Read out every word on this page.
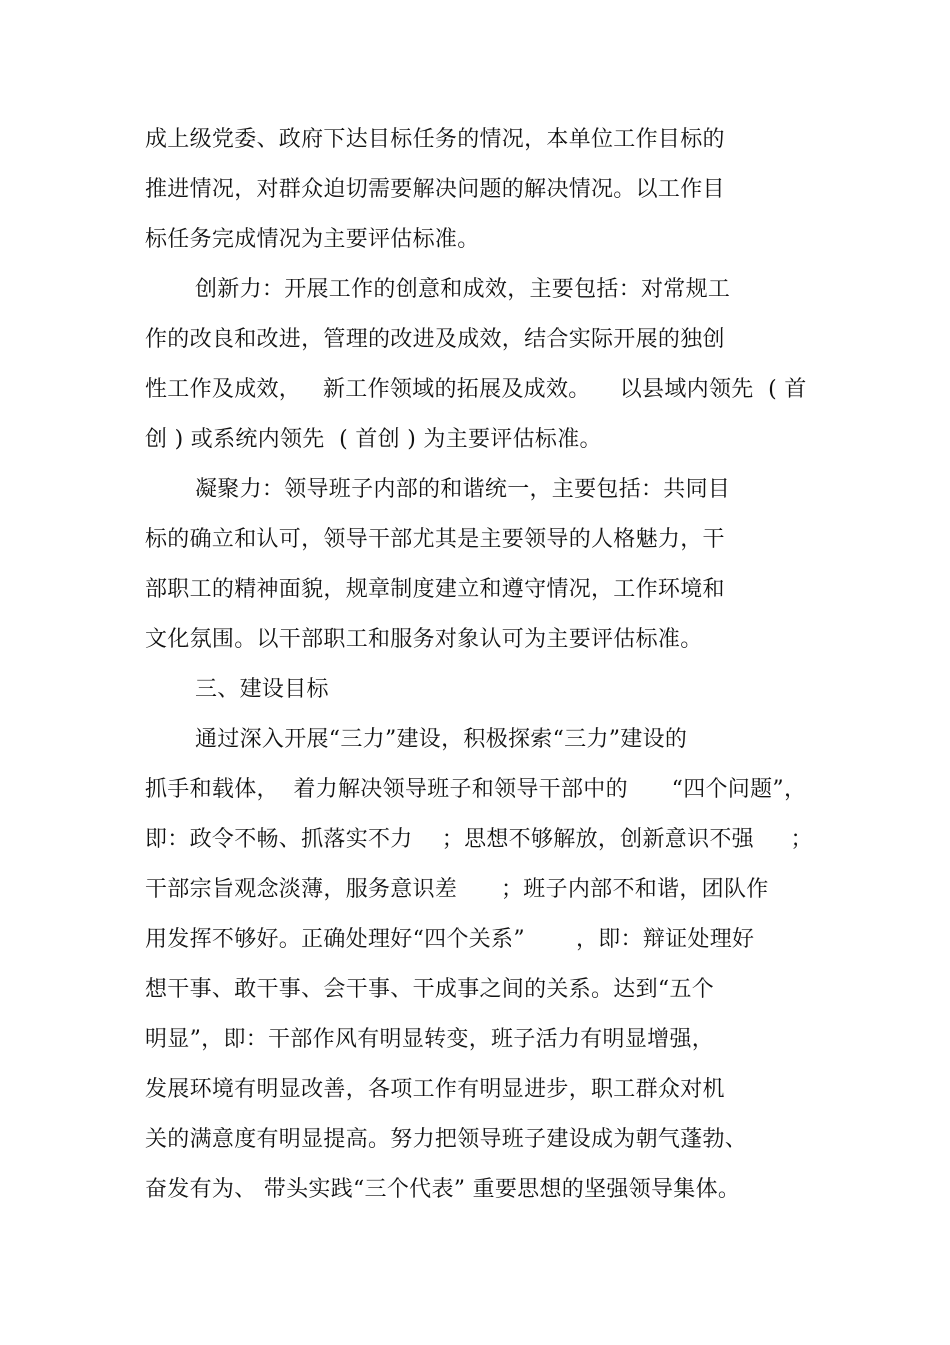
成上级党委、政府下达目标任务的情况，本单位工作目标的
推进情况，对群众迫切需要解决问题的解决情况。以工作目
标任务完成情况为主要评估标准。
创新力：开展工作的创意和成效，主要包括：对常规工
作的改良和改进，管理的改进及成效，结合实际开展的独创
性工作及成效，   新工作领域的拓展及成效。    以县域内领先  ( 首
创 ) 或系统内领先  ( 首创 ) 为主要评估标准。
凝聚力：领导班子内部的和谐统一，主要包括：共同目
标的确立和认可，领导干部尤其是主要领导的人格魅力，干
部职工的精神面貌，规章制度建立和遵守情况，工作环境和
文化氛围。以干部职工和服务对象认可为主要评估标准。
三、建设目标
通过深入开展“三力”建设，积极探索“三力”建设的
抓手和载体，  着力解决领导班子和领导干部中的      “四个问题”，
即：政令不畅、抓落实不力    ；思想不够解放，创新意识不强     ；
干部宗旨观念淡薄，服务意识差      ；班子内部不和谐，团队作
用发挥不够好。正确处理好“四个关系”       ，即：辩证处理好
想干事、敢干事、会干事、干成事之间的关系。达到“五个
明显”，即：干部作风有明显转变，班子活力有明显增强，
发展环境有明显改善，各项工作有明显进步，职工群众对机
关的满意度有明显提高。努力把领导班子建设成为朝气蓬勃、
奋发有为、 带头实践“三个代表” 重要思想的坚强领导集体。
